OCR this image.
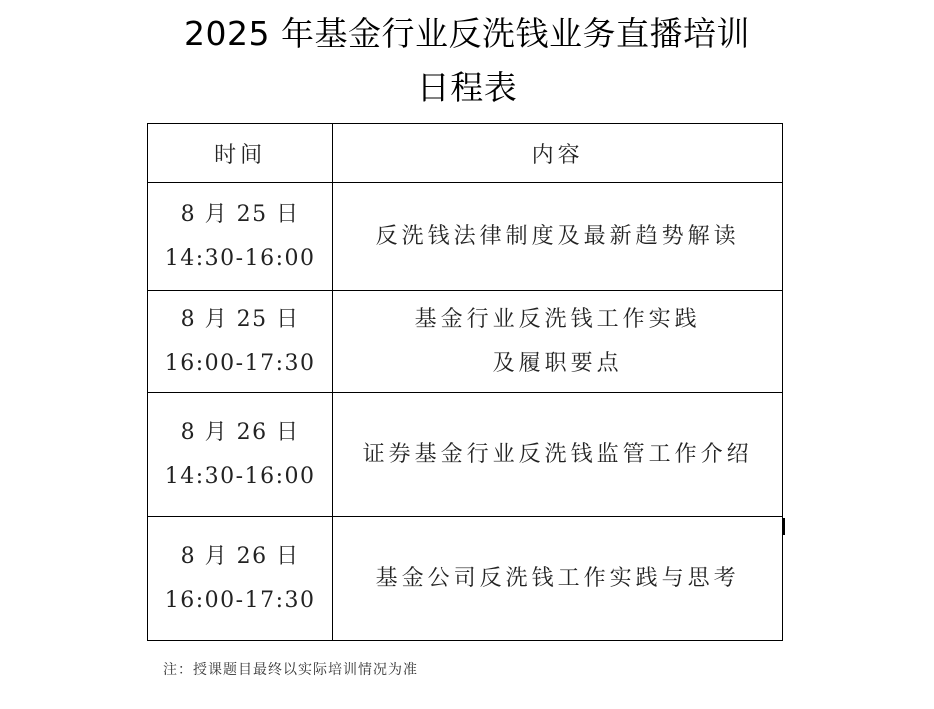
2025 年基金行业反洗钱业务直播培训
日程表
时间	内容

8 月 25 日
14:30-16:00	反洗钱法律制度及最新趋势解读

8 月 25 日
16:00-17:30	基金行业反洗钱工作实践
及履职要点

8 月 26 日
14:30-16:00	证券基金行业反洗钱监管工作介绍

8 月 26 日
16:00-17:30	基金公司反洗钱工作实践与思考
注：授课题目最终以实际培训情况为准
